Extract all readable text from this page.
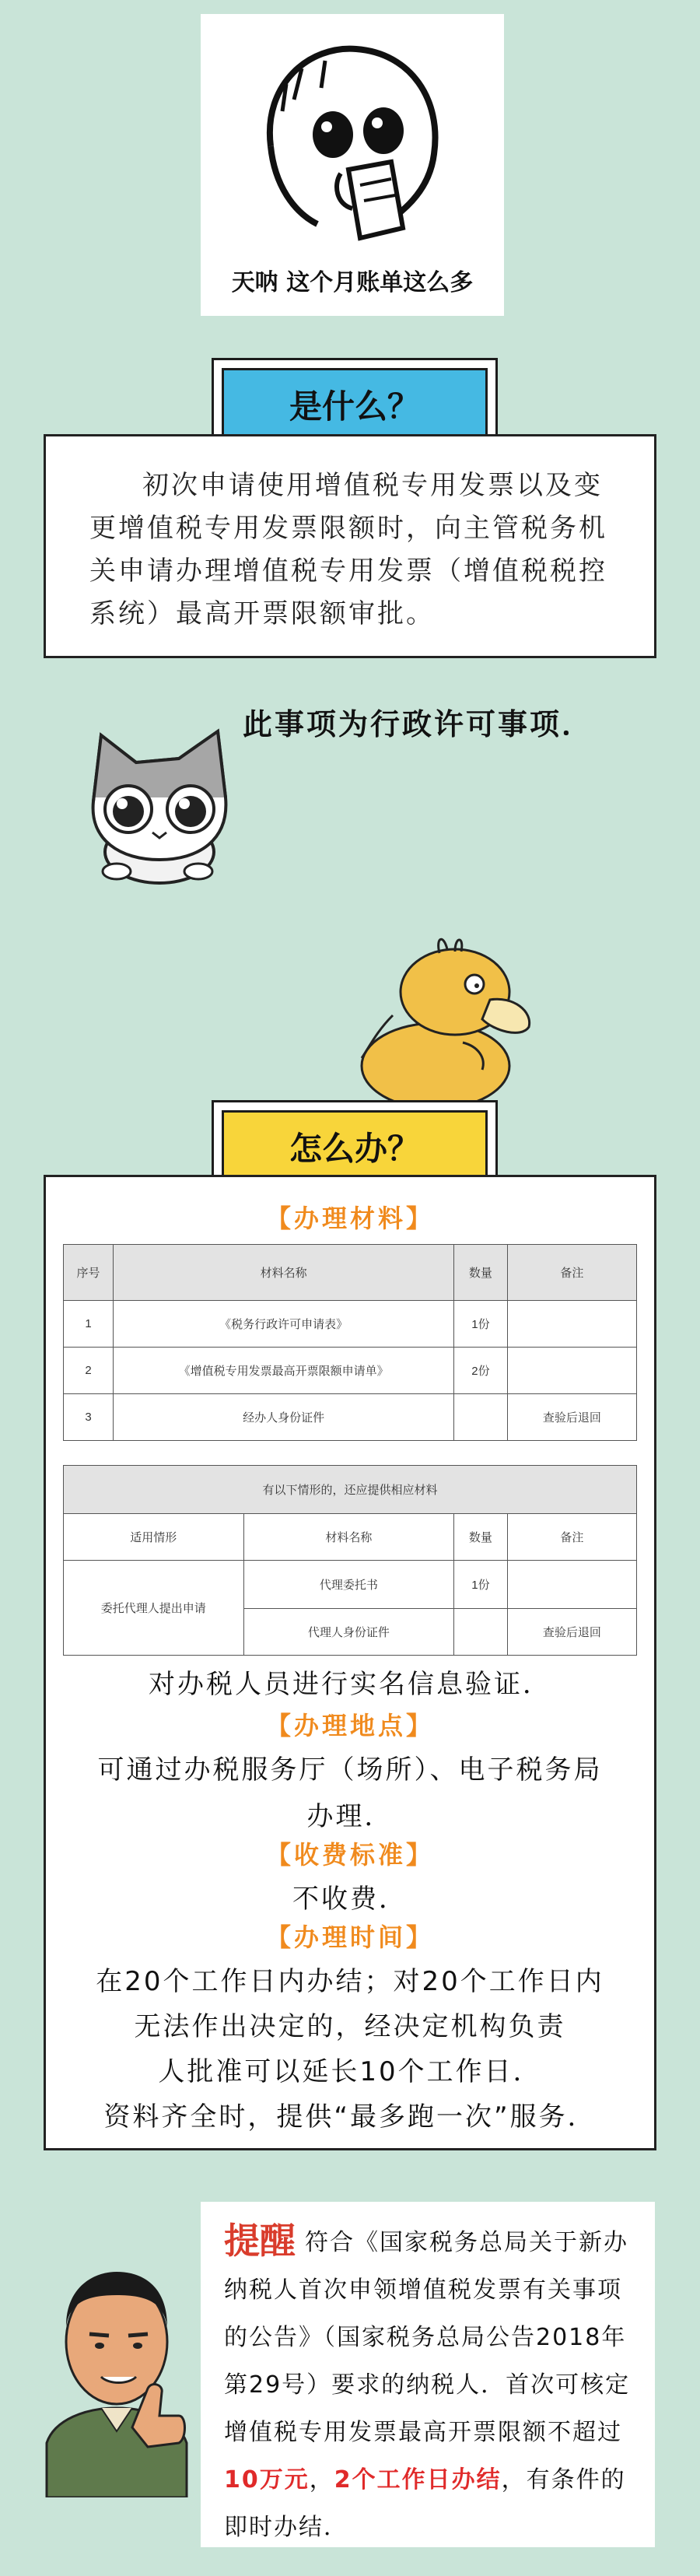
天呐 这个月账单这么多
是什么？

初次申请使用增值税专用发票以及变更增值税专用发票限额时，向主管税务机关申请办理增值税专用发票（增值税税控系统）最高开票限额审批。

此事项为行政许可事项．
怎么办？
【办理材料】
序号	材料名称	数量	备注
1	《税务行政许可申请表》	1份	
2	《增值税专用发票最高开票限额申请单》	2份	
3	经办人身份证件		查验后退回
有以下情形的，还应提供相应材料			
适用情形	材料名称	数量	备注
委托代理人提出申请	代理委托书	1份	
	代理人身份证件		查验后退回
对办税人员进行实名信息验证．
【办理地点】
可通过办税服务厅（场所）、电子税务局
办理．
【收费标准】
不收费．
【办理时间】
在20个工作日内办结；对20个工作日内
无法作出决定的，经决定机构负责
人批准可以延长10个工作日．
资料齐全时，提供“最多跑一次”服务．
提醒 符合《国家税务总局关于新办纳税人首次申领增值税发票有关事项的公告》（国家税务总局公告2018年第29号）要求的纳税人．首次可核定增值税专用发票最高开票限额不超过10万元，2个工作日办结，有条件的即时办结．
